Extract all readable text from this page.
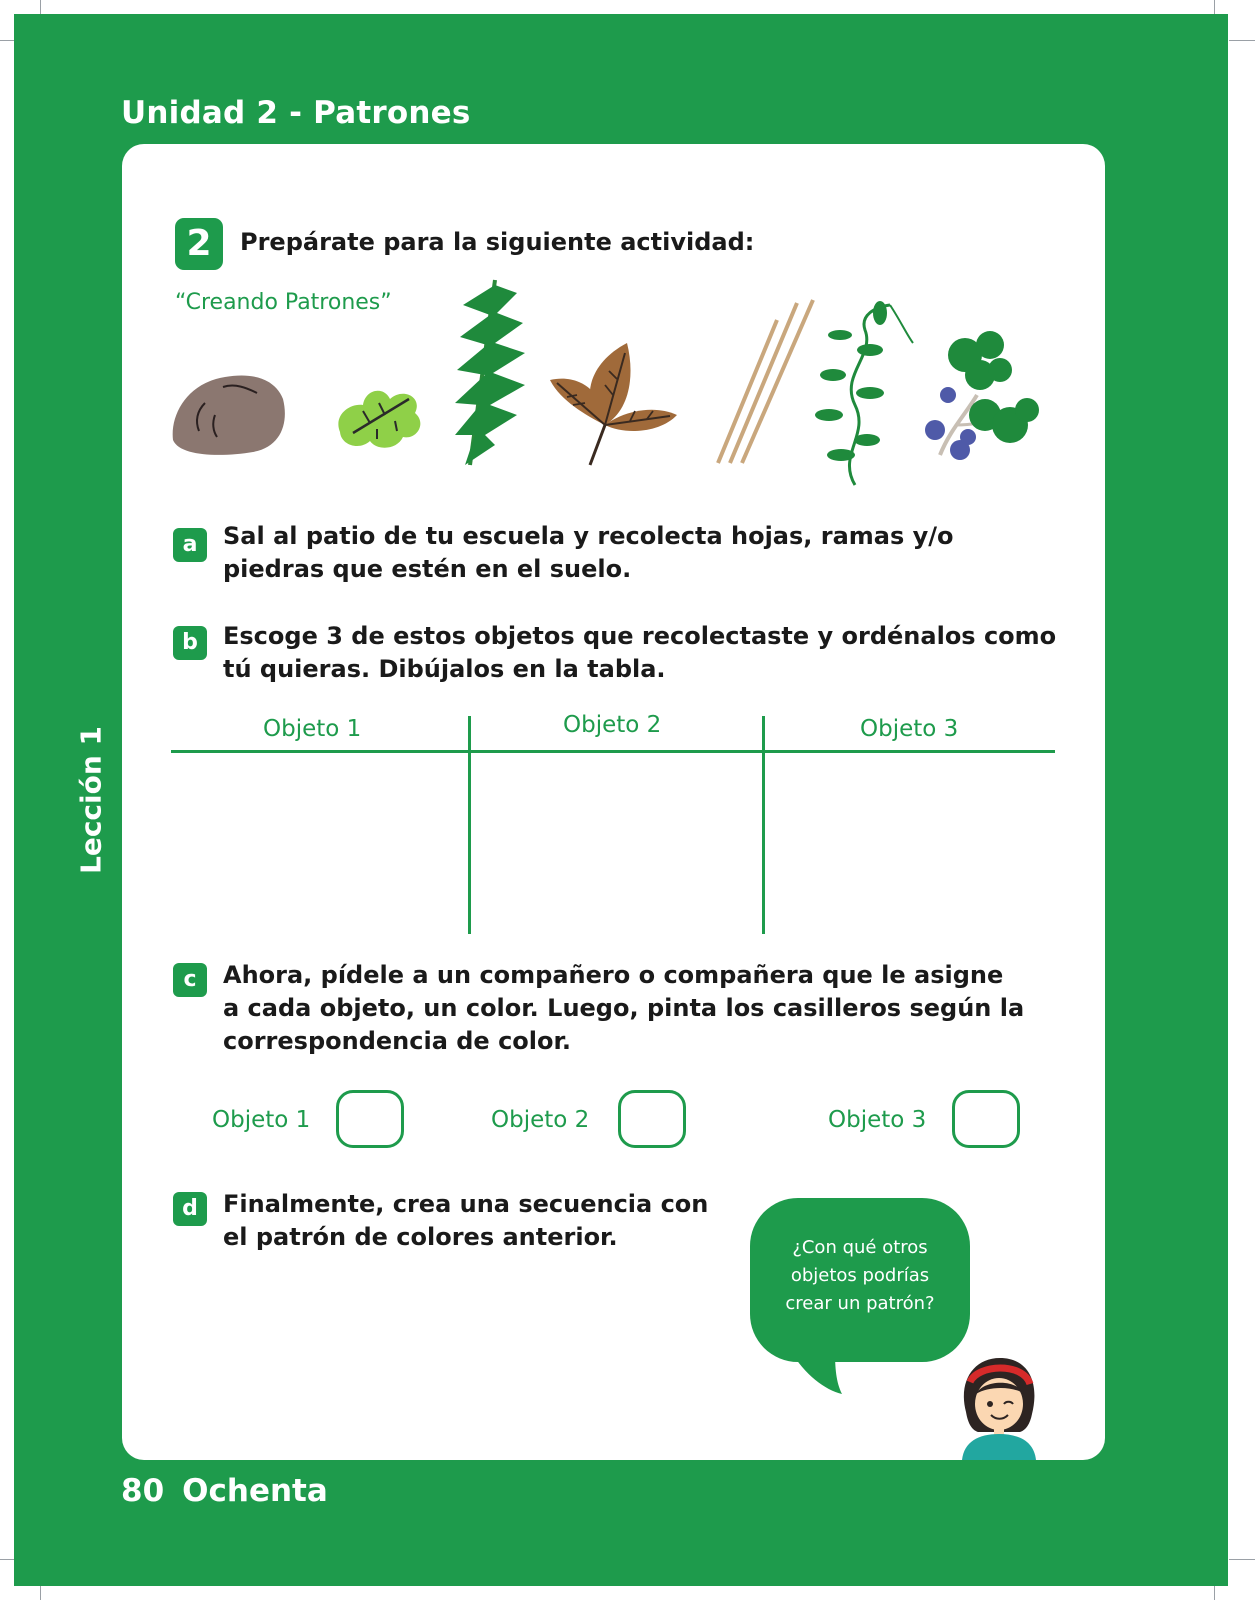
Unidad 2 - Patrones
Lección 1
2	Prepárate para la siguiente actividad:
“Creando Patrones”
a	Sal al patio de tu escuela y recolecta hojas, ramas y/o
piedras que estén en el suelo.
b	Escoge 3 de estos objetos que recolectaste y ordénalos como
tú quieras. Dibújalos en la tabla.
Objeto 1	Objeto 2	Objeto 3
c	Ahora, pídele a un compañero o compañera que le asigne
a cada objeto, un color. Luego, pinta los casilleros según la
correspondencia de color.
Objeto 1	Objeto 2	Objeto 3
d	Finalmente, crea una secuencia con
el patrón de colores anterior.	¿Con qué otros
objetos podrías
crear un patrón?
80 Ochenta
